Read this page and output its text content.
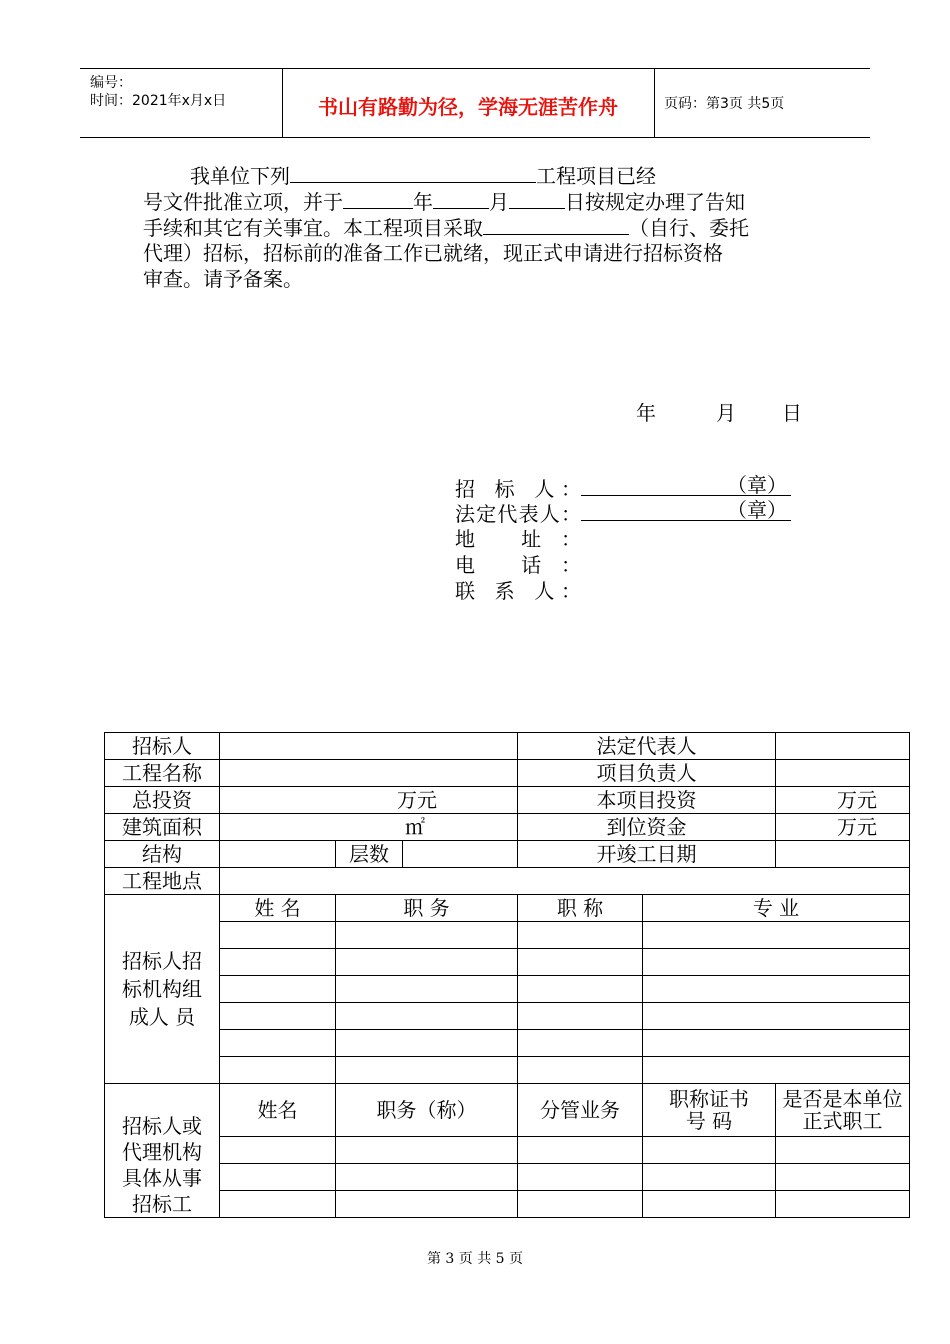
编号：
时间：2021年x月x日	书山有路勤为径，学海无涯苦作舟	页码：第3页 共5页
我单位下列	工程项目已经
号文件批准立项，并于	年	月	日按规定办理了告知
手续和其它有关事宜。本工程项目采取	（自行、委托
代理）招标，招标前的准备工作已就绪，现正式申请进行招标资格
审查。请予备案。
年	月 日
招 标 人：	（章）
法定代表人：	（章）
地 址：
电 话：
联 系 人：
招标人				法定代表人		
工程名称				项目负责人		
总投资	万元			本项目投资		万元
建筑面积	㎡			到位资金		万元
结构		层数		开竣工日期		
工程地点						
招标人招标机构组成人 员	姓 名	职 务		职 称	专 业	

招标人或代理机构具体从事招标工	姓名	职务（称）		分管业务	职称证书号 码	是否是本单位正式职工

第 3 页 共 5 页
